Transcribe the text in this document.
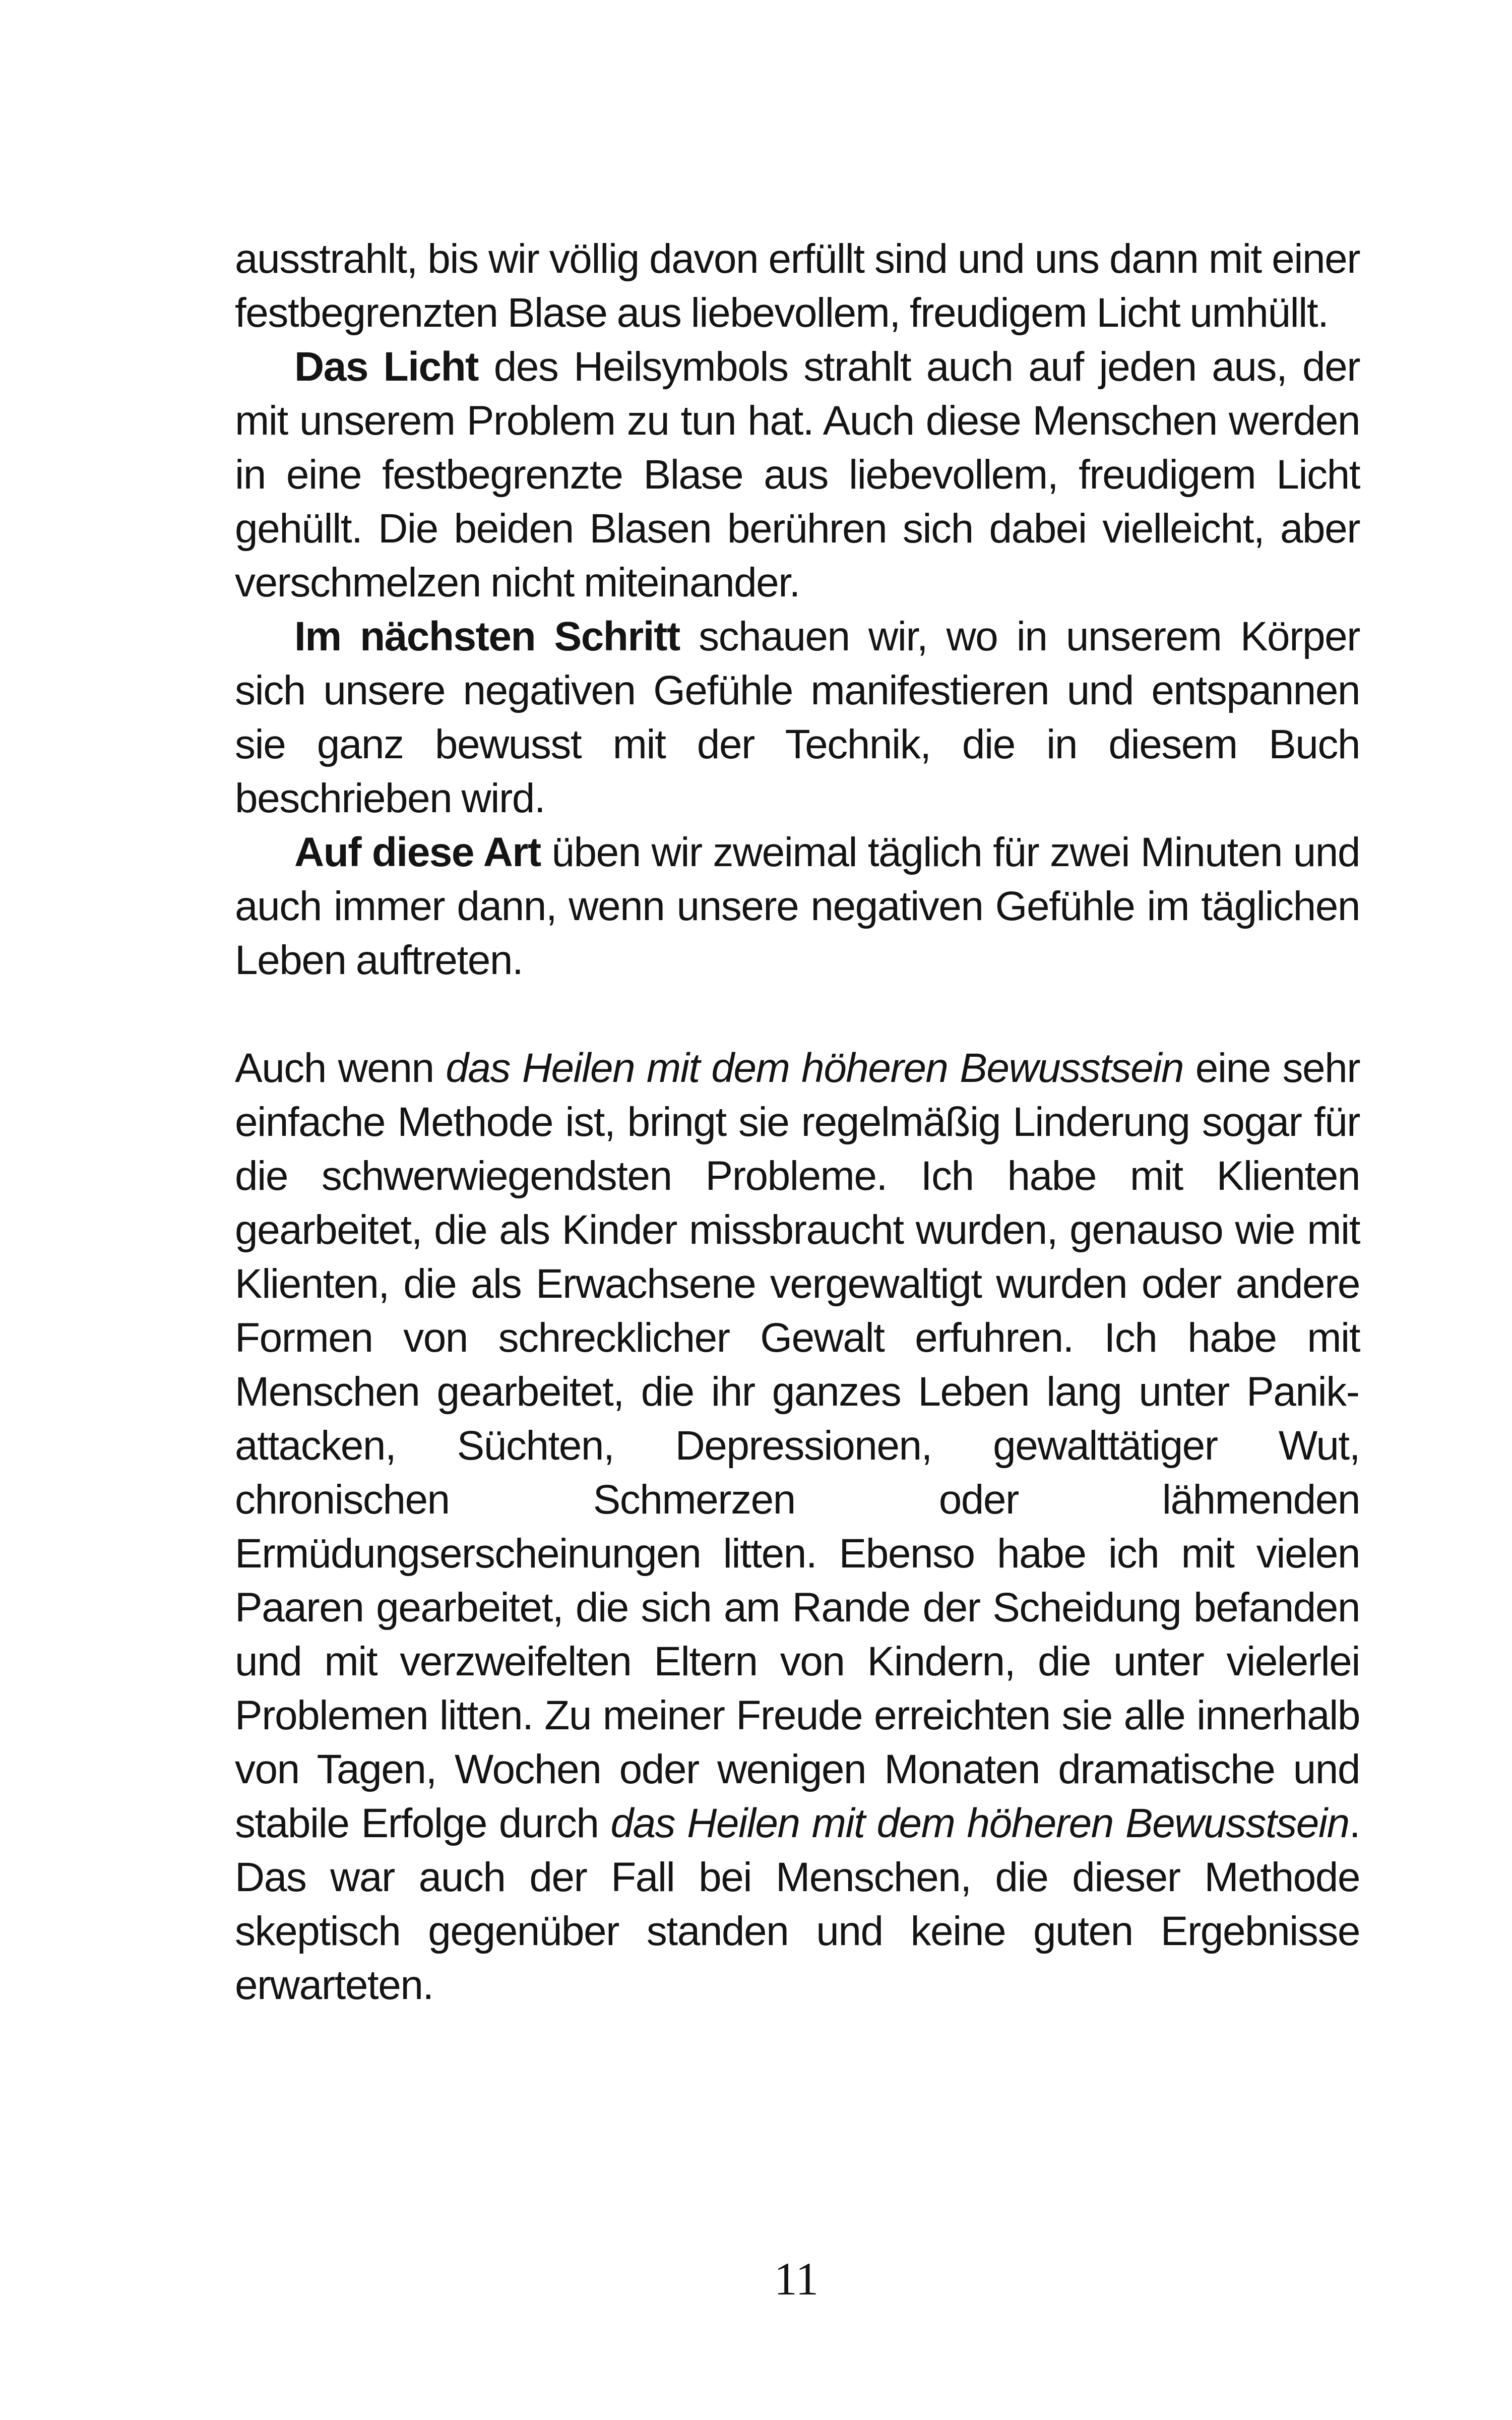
ausstrahlt, bis wir völlig davon erfüllt sind und uns dann mit einer festbegrenzten Blase aus liebevollem, freudigem Licht umhüllt.

Das Licht des Heilsymbols strahlt auch auf jeden aus, der mit unserem Problem zu tun hat. Auch diese Menschen werden in eine festbegrenzte Blase aus liebevollem, freudigem Licht gehüllt. Die beiden Blasen berühren sich dabei vielleicht, aber verschmelzen nicht miteinander.

Im nächsten Schritt schauen wir, wo in unserem Körper sich unsere negativen Gefühle manifestieren und entspannen sie ganz bewusst mit der Technik, die in diesem Buch beschrieben wird.

Auf diese Art üben wir zweimal täglich für zwei Minuten und auch immer dann, wenn unsere negativen Gefühle im täglichen Leben auftreten.

Auch wenn das Heilen mit dem höheren Bewusstsein eine sehr einfache Methode ist, bringt sie regelmäßig Linderung sogar für die schwerwiegendsten Probleme. Ich habe mit Klienten gearbeitet, die als Kinder missbraucht wurden, genauso wie mit Klienten, die als Erwachsene vergewaltigt wurden oder andere Formen von schrecklicher Gewalt erfuhren. Ich habe mit Menschen gearbeitet, die ihr ganzes Leben lang unter Panikattacken, Süchten, Depressionen, gewalttätiger Wut, chronischen Schmerzen oder lähmenden Ermüdungserscheinungen litten. Ebenso habe ich mit vielen Paaren gearbeitet, die sich am Rande der Scheidung befanden und mit verzweifelten Eltern von Kindern, die unter vielerlei Problemen litten. Zu meiner Freude erreichten sie alle innerhalb von Tagen, Wochen oder wenigen Monaten dramatische und stabile Erfolge durch das Heilen mit dem höheren Bewusstsein. Das war auch der Fall bei Menschen, die dieser Methode skeptisch gegenüber standen und keine guten Ergebnisse erwarteten.

11
